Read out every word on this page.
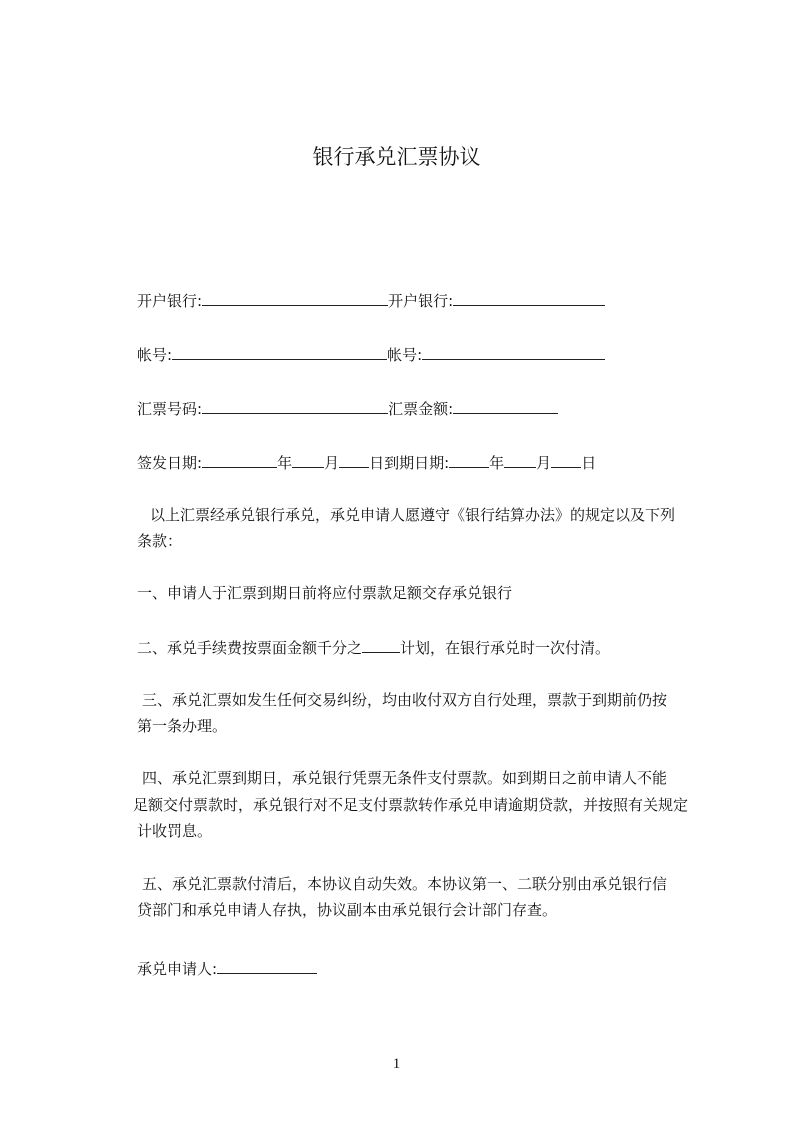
银行承兑汇票协议
开户银行:	开户银行:
帐号:	帐号:
汇票号码:	汇票金额:
签发日期:	年 月 日到期日期:	年 月 日
以上汇票经承兑银行承兑，承兑申请人愿遵守《银行结算办法》的规定以及下列
条款：
一、申请人于汇票到期日前将应付票款足额交存承兑银行
二、承兑手续费按票面金额千分之	计划，在银行承兑时一次付清。
三、承兑汇票如发生任何交易纠纷，均由收付双方自行处理，票款于到期前仍按
第一条办理。
四、承兑汇票到期日，承兑银行凭票无条件支付票款。如到期日之前申请人不能
足额交付票款时，承兑银行对不足支付票款转作承兑申请逾期贷款，并按照有关规定
计收罚息。
五、承兑汇票款付清后，本协议自动失效。本协议第一、二联分别由承兑银行信
贷部门和承兑申请人存执，协议副本由承兑银行会计部门存查。
承兑申请人:
1
